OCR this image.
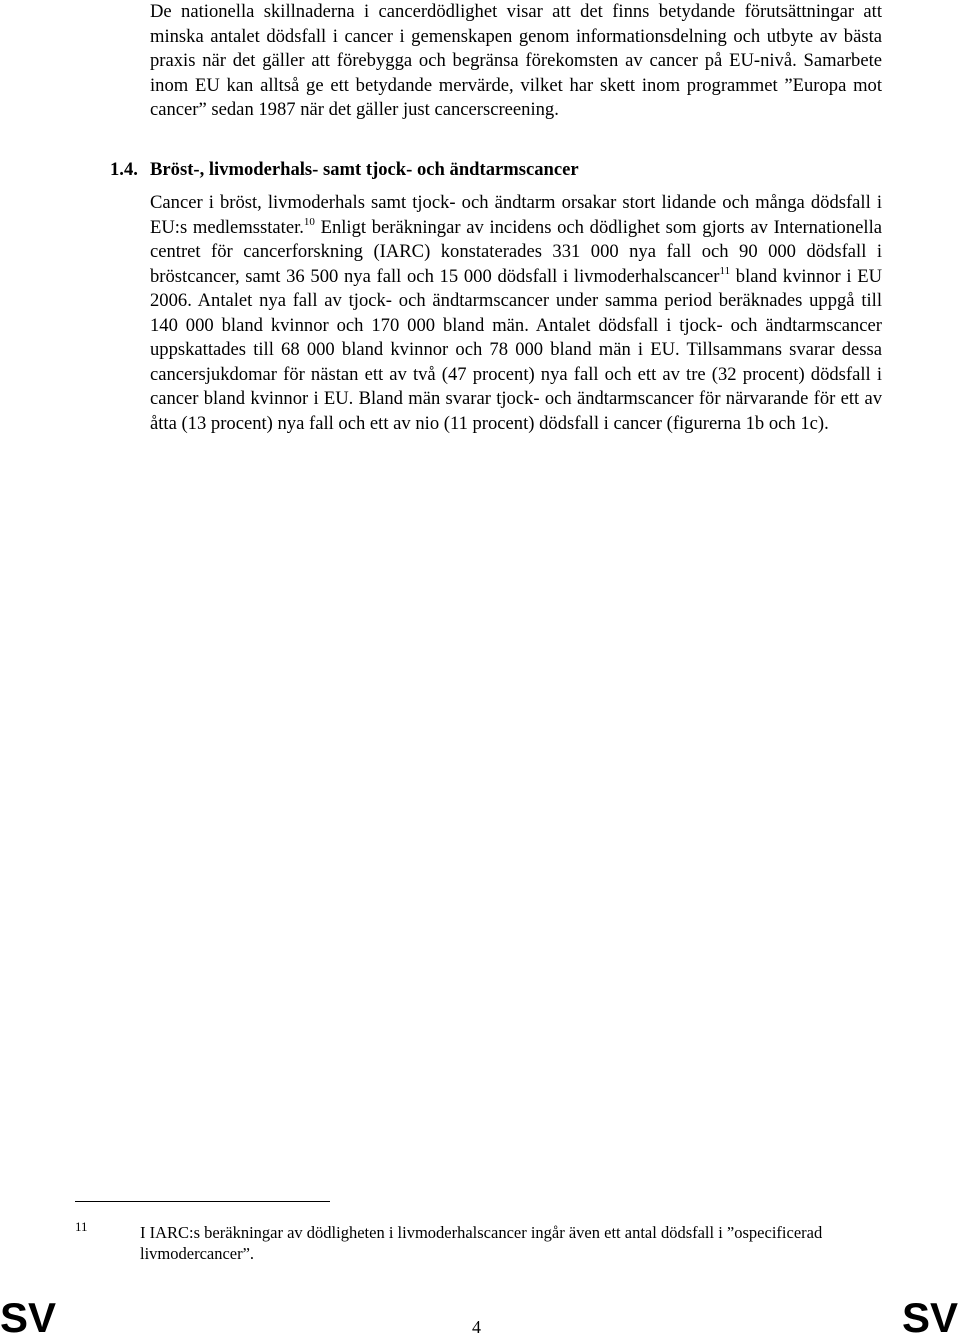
De nationella skillnaderna i cancerdödlighet visar att det finns betydande förutsättningar att minska antalet dödsfall i cancer i gemenskapen genom informationsdelning och utbyte av bästa praxis när det gäller att förebygga och begränsa förekomsten av cancer på EU-nivå. Samarbete inom EU kan alltså ge ett betydande mervärde, vilket har skett inom programmet ”Europa mot cancer” sedan 1987 när det gäller just cancerscreening.
1.4. Bröst-, livmoderhals- samt tjock- och ändtarmscancer
Cancer i bröst, livmoderhals samt tjock- och ändtarm orsakar stort lidande och många dödsfall i EU:s medlemsstater.$^{10}$ Enligt beräkningar av incidens och dödlighet som gjorts av Internationella centret för cancerforskning (IARC) konstaterades 331 000 nya fall och 90 000 dödsfall i bröstcancer, samt 36 500 nya fall och 15 000 dödsfall i livmoderhalscancer$^{11}$ bland kvinnor i EU 2006. Antalet nya fall av tjock- och ändtarmscancer under samma period beräknades uppgå till 140 000 bland kvinnor och 170 000 bland män. Antalet dödsfall i tjock- och ändtarmscancer uppskattades till 68 000 bland kvinnor och 78 000 bland män i EU. Tillsammans svarar dessa cancersjukdomar för nästan ett av två (47 procent) nya fall och ett av tre (32 procent) dödsfall i cancer bland kvinnor i EU. Bland män svarar tjock- och ändtarmscancer för närvarande för ett av åtta (13 procent) nya fall och ett av nio (11 procent) dödsfall i cancer (figurerna 1b och 1c).
11	I IARC:s beräkningar av dödligheten i livmoderhalscancer ingår även ett antal dödsfall i ”ospecificerad livmodercancer”.
SV	4	SV
